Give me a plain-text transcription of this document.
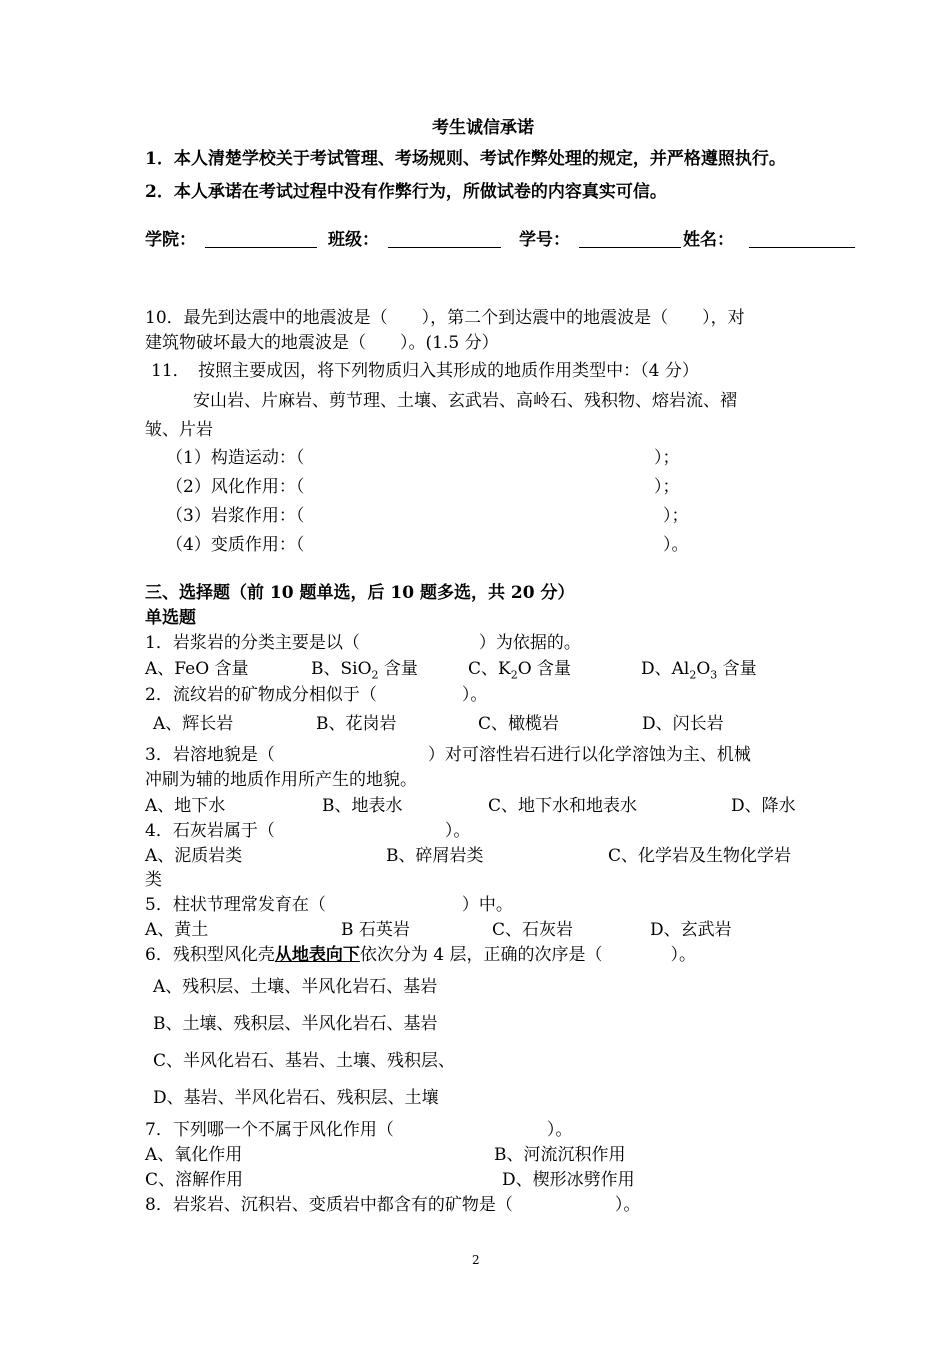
考生诚信承诺
1．本人清楚学校关于考试管理、考场规则、考试作弊处理的规定，并严格遵照执行。
2．本人承诺在考试过程中没有作弊行为，所做试卷的内容真实可信。
学院：	班级：	学号：	姓名：
10．最先到达震中的地震波是（　　），第二个到达震中的地震波是（　　），对
建筑物破坏最大的地震波是（　　）。(1.5 分）
11．　按照主要成因，将下列物质归入其形成的地质作用类型中：（4 分）
安山岩、片麻岩、剪节理、土壤、玄武岩、高岭石、残积物、熔岩流、褶
皱、片岩
（1）构造运动：（	）；
（2）风化作用：（	）；
（3）岩浆作用：（	）；
（4）变质作用：（	）。
三、选择题（前 10 题单选，后 10 题多选，共 20 分）
单选题
1．岩浆岩的分类主要是以（　　　　　　　）为依据的。
A、FeO 含量	B、SiO$_2$ 含量	C、$K_2O$ 含量	D、$Al_2O_3$ 含量
2．流纹岩的矿物成分相似于（　　　　　）。
A、辉长岩	B、花岗岩	C、橄榄岩	D、闪长岩
3．岩溶地貌是（　　　　　　　　　）对可溶性岩石进行以化学溶蚀为主、机械
冲刷为辅的地质作用所产生的地貌。
A、地下水	B、地表水	C、地下水和地表水	D、降水
4．石灰岩属于（　　　　　　　　　　）。
A、泥质岩类	B、碎屑岩类	C、化学岩及生物化学岩
类
5．柱状节理常发育在（　　　　　　　　）中。
A、黄土	B 石英岩	C、石灰岩	D、玄武岩
6．残积型风化壳从地表向下依次分为 4 层，正确的次序是（　　　　）。
A、残积层、土壤、半风化岩石、基岩
B、土壤、残积层、半风化岩石、基岩
C、半风化岩石、基岩、土壤、残积层、
D、基岩、半风化岩石、残积层、土壤
7．下列哪一个不属于风化作用（　　　　　　　　　）。
A、氧化作用	B、河流沉积作用
C、溶解作用	D、楔形冰劈作用
8．岩浆岩、沉积岩、变质岩中都含有的矿物是（　　　　　　）。
2
